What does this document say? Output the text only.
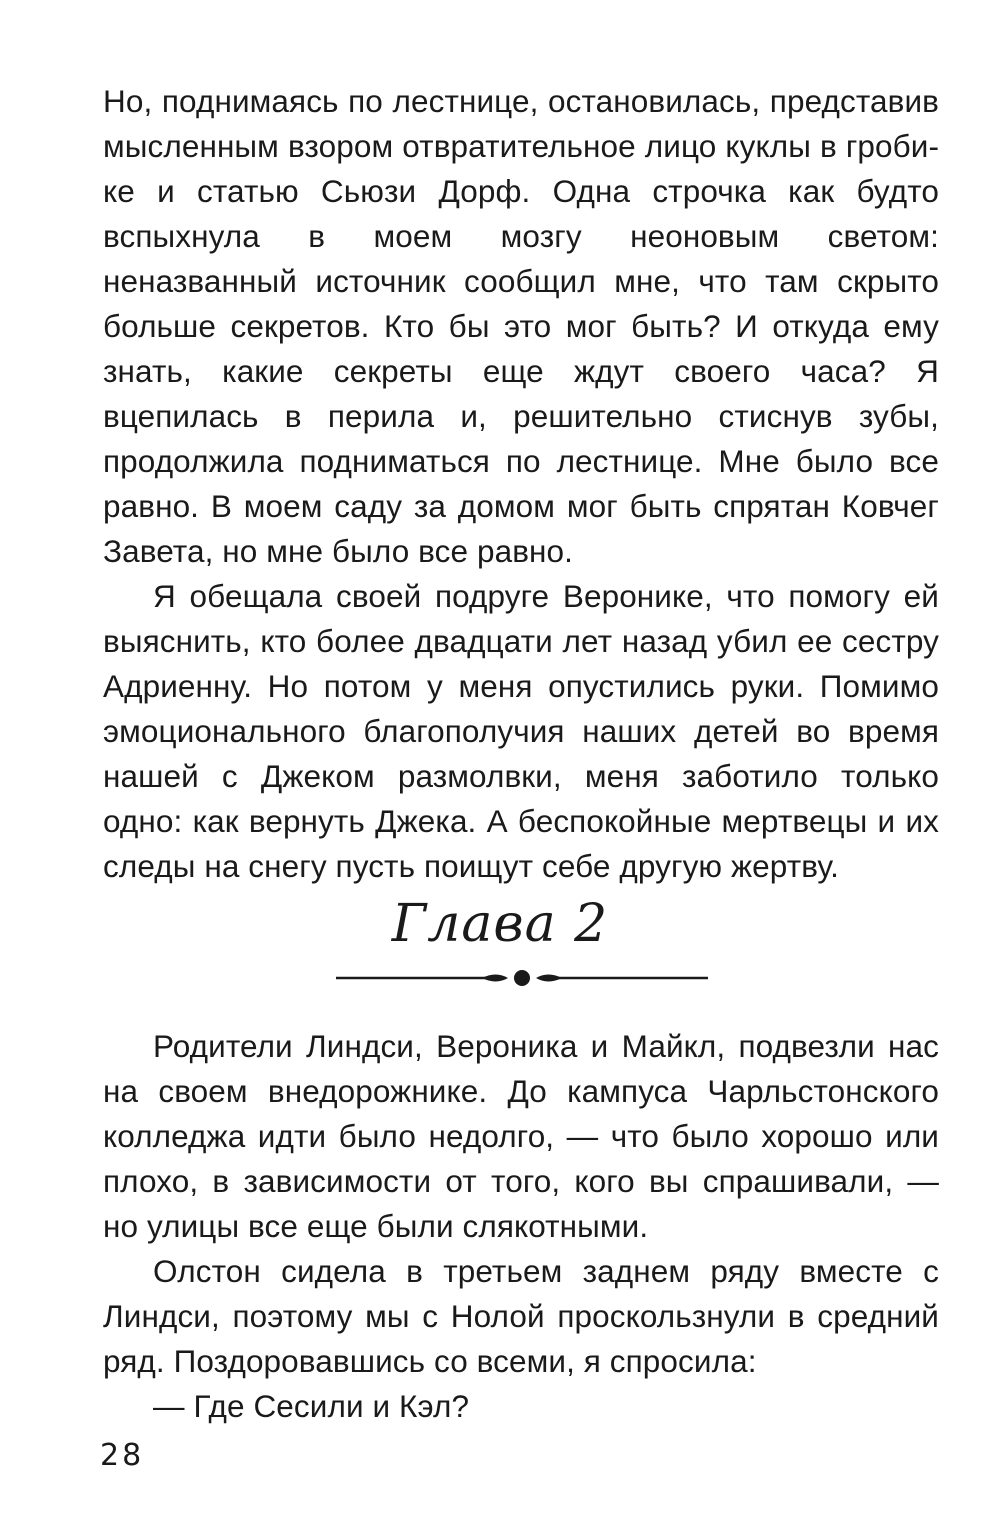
Но, поднимаясь по лестнице, остановилась, представив мысленным взором отвратительное лицо куклы в гробике и статью Сьюзи Дорф. Одна строчка как будто вспыхнула в моем мозгу неоновым светом: неназванный источник сообщил мне, что там скрыто больше секретов. Кто бы это мог быть? И откуда ему знать, какие секреты еще ждут своего часа? Я вцепилась в перила и, решительно стиснув зубы, продолжила подниматься по лестнице. Мне было все равно. В моем саду за домом мог быть спрятан Ковчег Завета, но мне было все равно.

Я обещала своей подруге Веронике, что помогу ей выяснить, кто более двадцати лет назад убил ее сестру Адриенну. Но потом у меня опустились руки. Помимо эмоционального благополучия наших детей во время нашей с Джеком размолвки, меня заботило только одно: как вернуть Джека. А беспокойные мертвецы и их следы на снегу пусть поищут себе другую жертву.

Глава 2

Родители Линдси, Вероника и Майкл, подвезли нас на своем внедорожнике. До кампуса Чарльстонского колледжа идти было недолго, — что было хорошо или плохо, в зависимости от того, кого вы спрашивали, — но улицы все еще были слякотными.

Олстон сидела в третьем заднем ряду вместе с Линдси, поэтому мы с Нолой проскользнули в средний ряд. Поздоровавшись со всеми, я спросила:

— Где Сесили и Кэл?

28
